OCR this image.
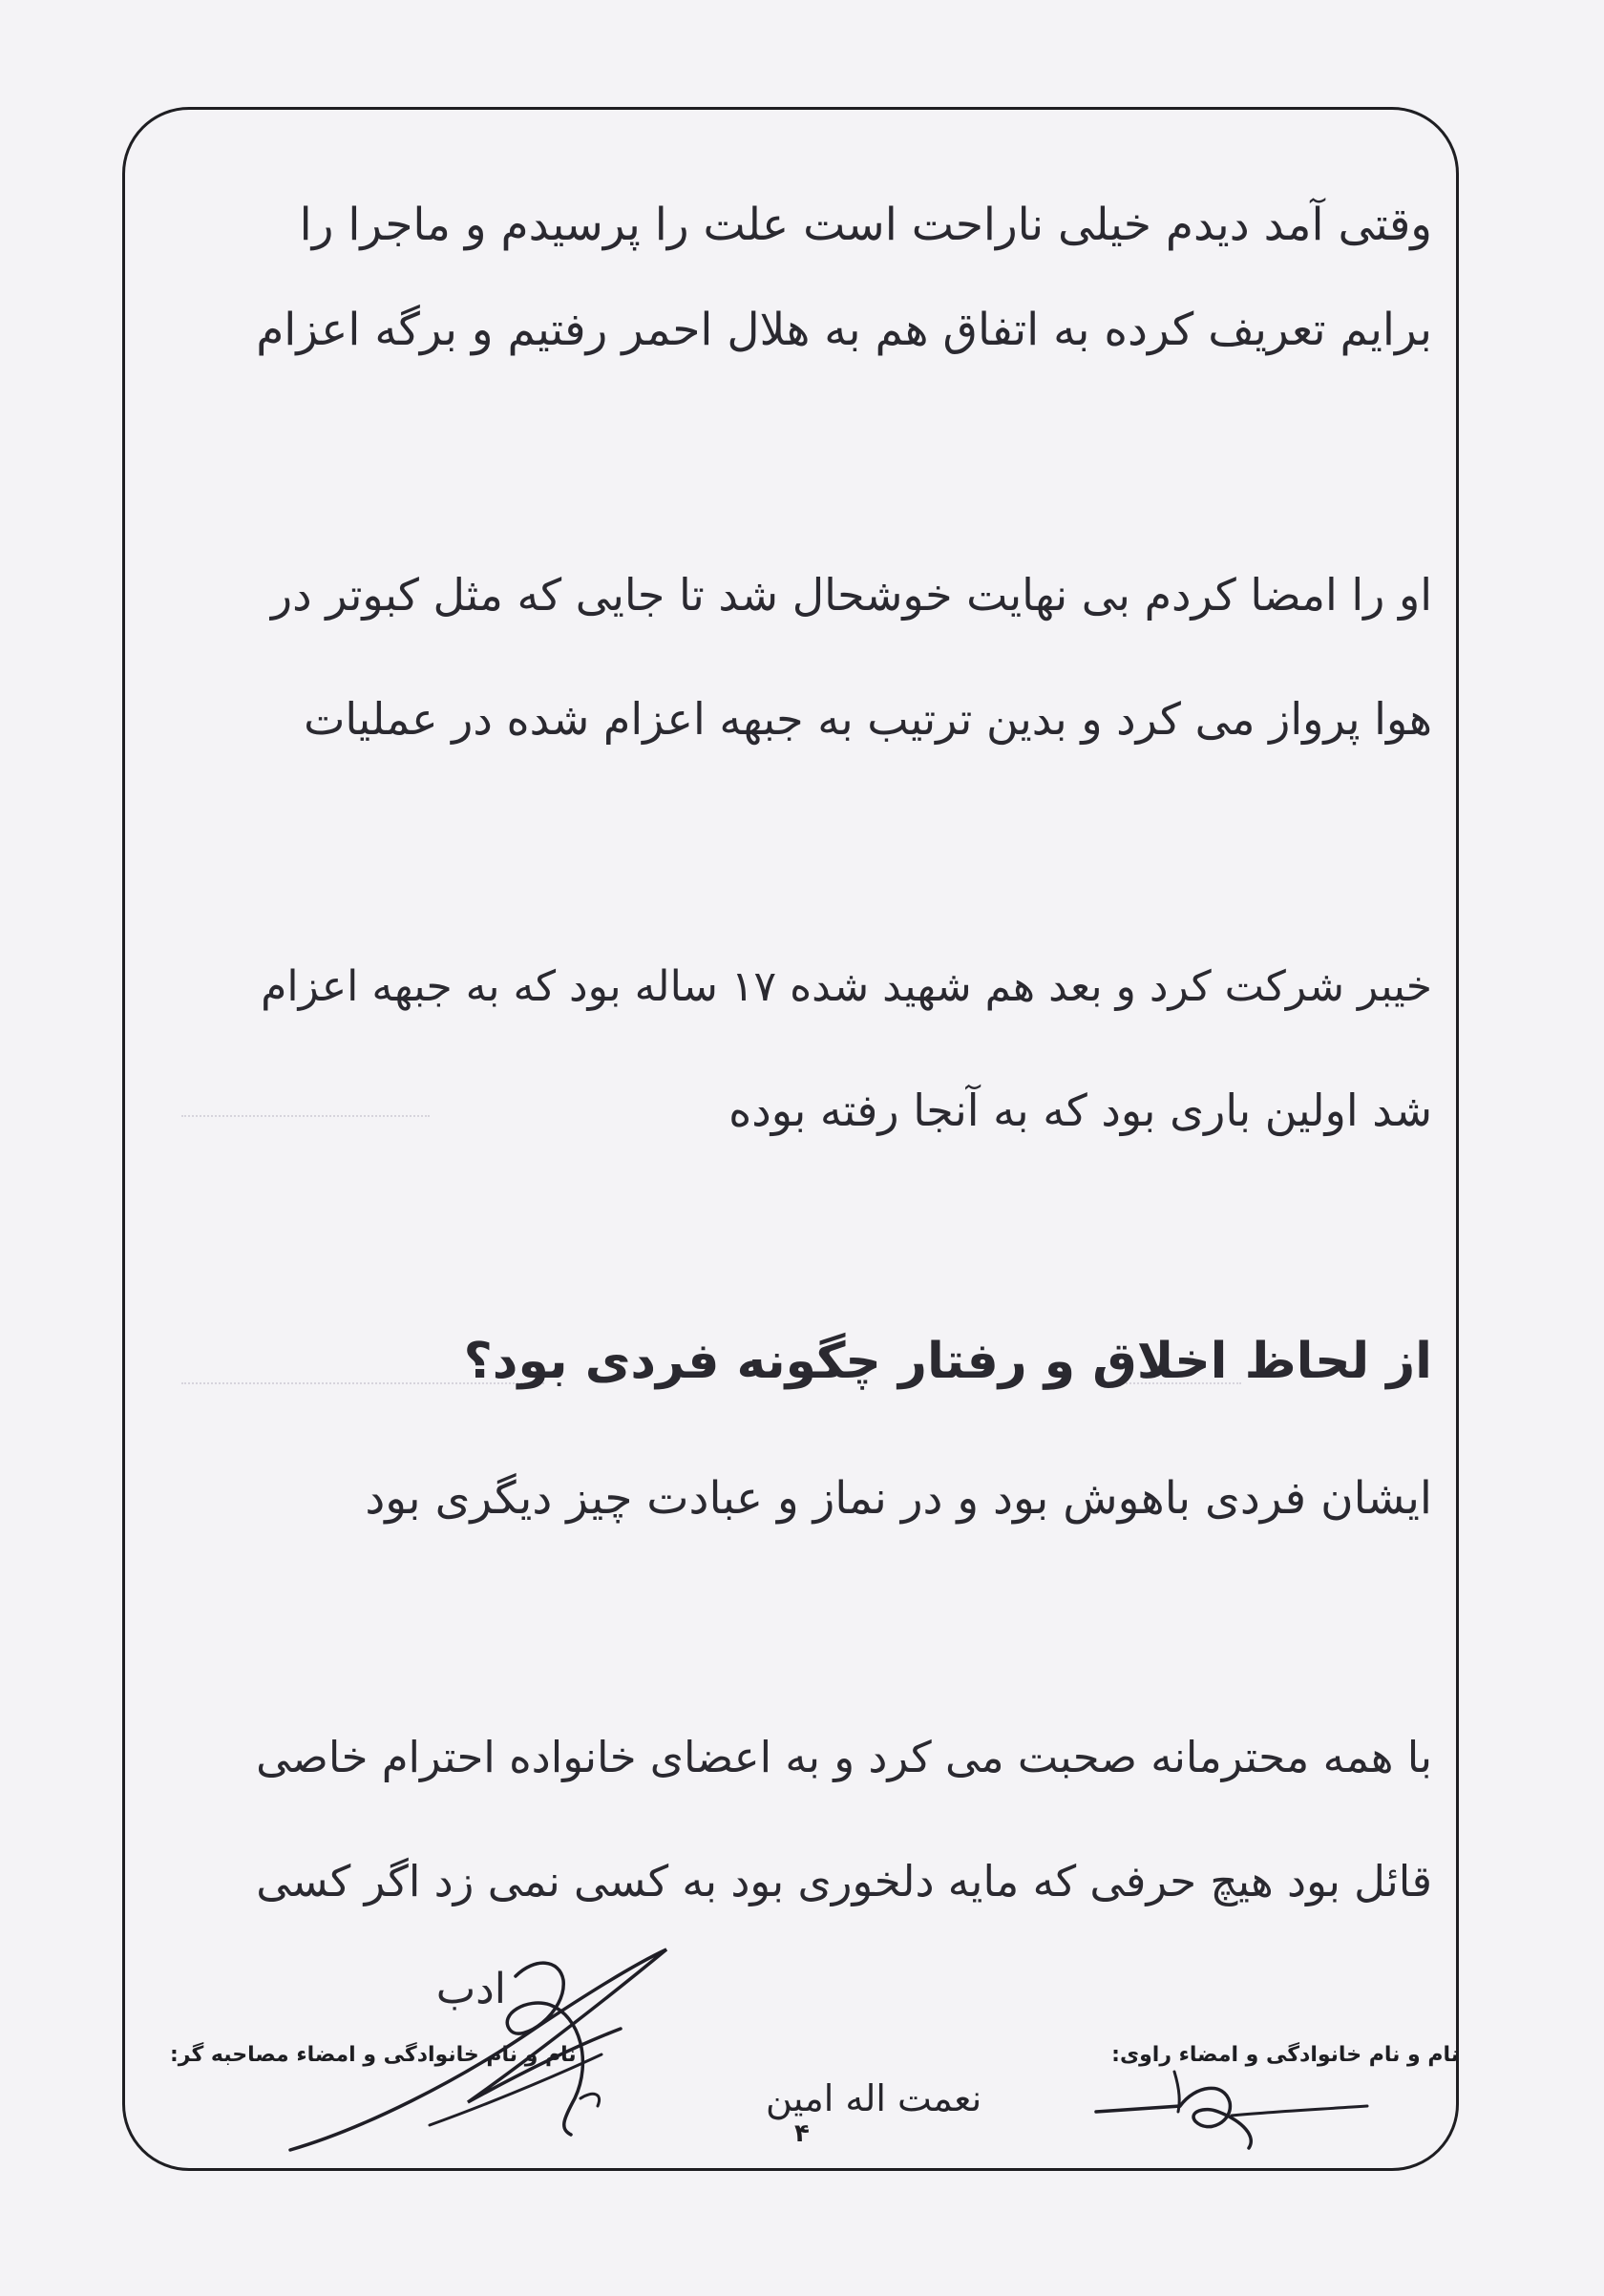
وقتی آمد دیدم خیلی ناراحت است علت را پرسیدم و ماجرا را
برایم تعریف کرده به اتفاق هم به هلال احمر رفتیم و برگه اعزام
او را امضا کردم بی نهایت خوشحال شد تا جایی که مثل کبوتر در
هوا پرواز می کرد و بدین ترتیب به جبهه اعزام شده در عملیات
خیبر شرکت کرد و بعد هم شهید شده ۱۷ ساله بود که به جبهه اعزام
شد اولین باری بود که به آنجا رفته بوده
از لحاظ اخلاق و رفتار چگونه فردی بود؟
ایشان فردی باهوش بود و در نماز و عبادت چیز دیگری بود
با همه محترمانه صحبت می کرد و به اعضای خانواده احترام خاصی
قائل بود هیچ حرفی که مایه دلخوری بود به کسی نمی زد اگر کسی
ادب
نام و نام خانوادگی و امضاء راوی:
نام و نام خانوادگی و امضاء مصاحبه گر:
نعمت اله امین
۴
